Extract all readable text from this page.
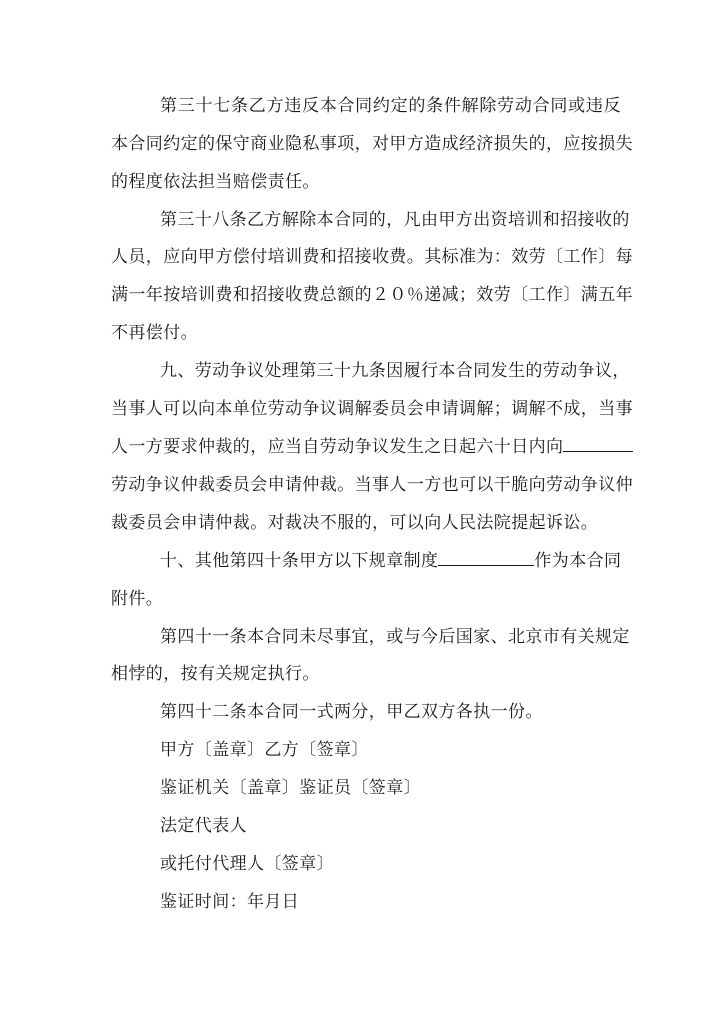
第三十七条乙方违反本合同约定的条件解除劳动合同或违反
本合同约定的保守商业隐私事项，对甲方造成经济损失的，应按损失
的程度依法担当赔偿责任。
第三十八条乙方解除本合同的，凡由甲方出资培训和招接收的
人员，应向甲方偿付培训费和招接收费。其标准为：效劳〔工作〕每
满一年按培训费和招接收费总额的２０％递减；效劳〔工作〕满五年
不再偿付。
九、劳动争议处理第三十九条因履行本合同发生的劳动争议，
当事人可以向本单位劳动争议调解委员会申请调解；调解不成，当事
人一方要求仲裁的，应当自劳动争议发生之日起六十日内向
劳动争议仲裁委员会申请仲裁。当事人一方也可以干脆向劳动争议仲
裁委员会申请仲裁。对裁决不服的，可以向人民法院提起诉讼。
十、其他第四十条甲方以下规章制度	作为本合同
附件。
第四十一条本合同未尽事宜，或与今后国家、北京市有关规定
相悖的，按有关规定执行。
第四十二条本合同一式两分，甲乙双方各执一份。
甲方〔盖章〕乙方〔签章〕
鉴证机关〔盖章〕鉴证员〔签章〕
法定代表人
或托付代理人〔签章〕
鉴证时间：年月日
